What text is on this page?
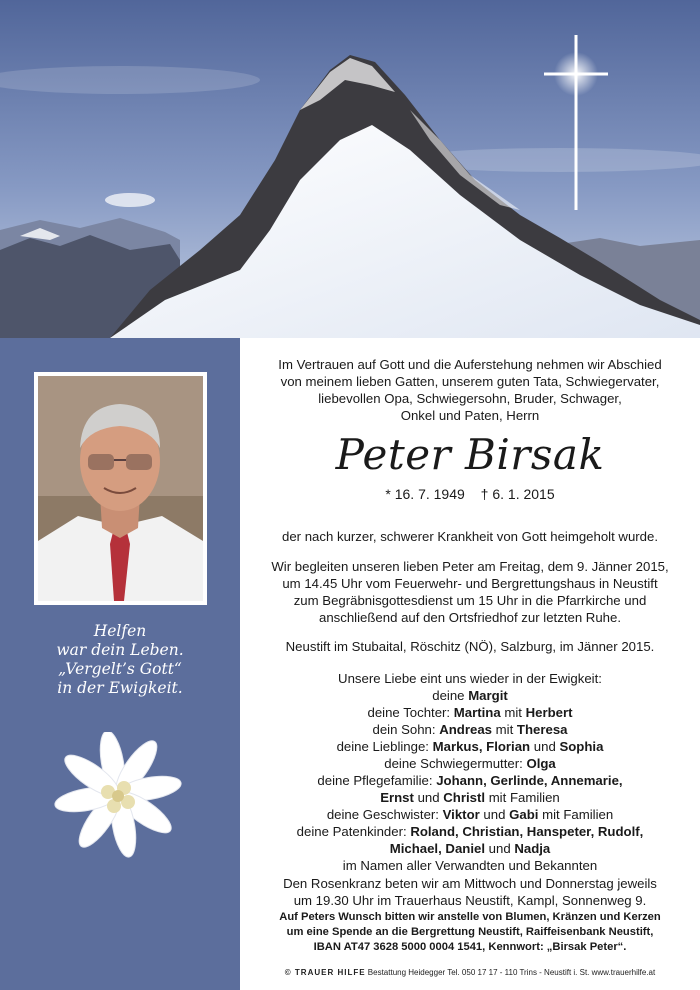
Helfen
war dein Leben.
„Vergelt’s Gott“
in der Ewigkeit.
Im Vertrauen auf Gott und die Auferstehung nehmen wir Abschied
von meinem lieben Gatten, unserem guten Tata, Schwiegervater,
liebevollen Opa, Schwiegersohn, Bruder, Schwager,
Onkel und Paten, Herrn
Peter Birsak
* 16. 7. 1949 † 6. 1. 2015
der nach kurzer, schwerer Krankheit von Gott heimgeholt wurde.
Wir begleiten unseren lieben Peter am Freitag, dem 9. Jänner 2015,
um 14.45 Uhr vom Feuerwehr- und Bergrettungshaus in Neustift
zum Begräbnisgottesdienst um 15 Uhr in die Pfarrkirche und
anschließend auf den Ortsfriedhof zur letzten Ruhe.
Neustift im Stubaital, Röschitz (NÖ), Salzburg, im Jänner 2015.
Unsere Liebe eint uns wieder in der Ewigkeit:
deine Margit
deine Tochter: Martina mit Herbert
dein Sohn: Andreas mit Theresa
deine Lieblinge: Markus, Florian und Sophia
deine Schwiegermutter: Olga
deine Pflegefamilie: Johann, Gerlinde, Annemarie,
Ernst und Christl mit Familien
deine Geschwister: Viktor und Gabi mit Familien
deine Patenkinder: Roland, Christian, Hanspeter, Rudolf,
Michael, Daniel und Nadja
im Namen aller Verwandten und Bekannten
Den Rosenkranz beten wir am Mittwoch und Donnerstag jeweils
um 19.30 Uhr im Trauerhaus Neustift, Kampl, Sonnenweg 9.
Auf Peters Wunsch bitten wir anstelle von Blumen, Kränzen und Kerzen
um eine Spende an die Bergrettung Neustift, Raiffeisenbank Neustift,
IBAN AT47 3628 5000 0004 1541, Kennwort: „Birsak Peter“.
© TRAUER HILFE Bestattung Heidegger Tel. 050 17 17 - 110 Trins - Neustift i. St. www.trauerhilfe.at
